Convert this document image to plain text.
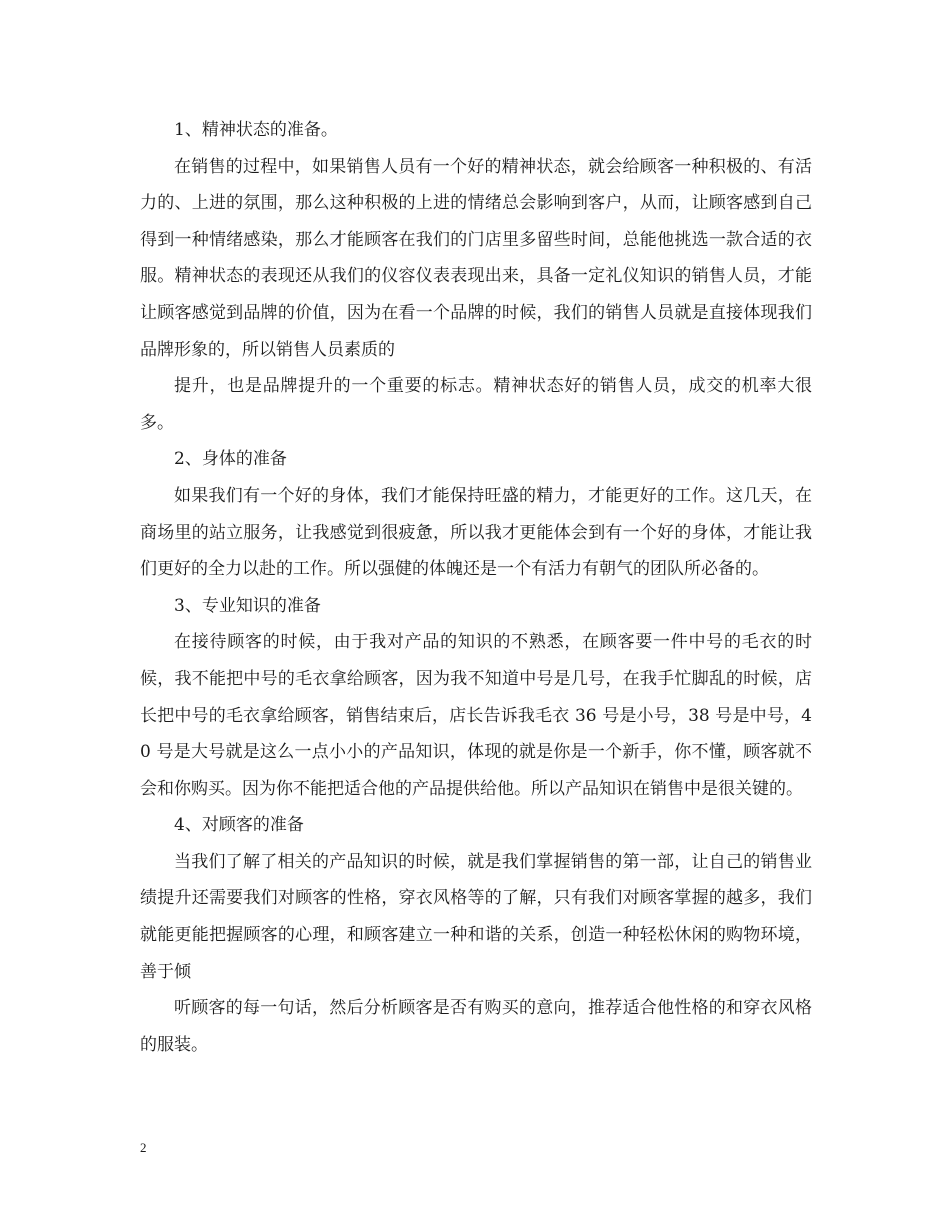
1、精神状态的准备。

在销售的过程中，如果销售人员有一个好的精神状态，就会给顾客一种积极的、有活力的、上进的氛围，那么这种积极的上进的情绪总会影响到客户，从而，让顾客感到自己得到一种情绪感染，那么才能顾客在我们的门店里多留些时间，总能他挑选一款合适的衣服。精神状态的表现还从我们的仪容仪表表现出来，具备一定礼仪知识的销售人员，才能让顾客感觉到品牌的价值，因为在看一个品牌的时候，我们的销售人员就是直接体现我们品牌形象的，所以销售人员素质的

提升，也是品牌提升的一个重要的标志。精神状态好的销售人员，成交的机率大很多。

2、身体的准备

如果我们有一个好的身体，我们才能保持旺盛的精力，才能更好的工作。这几天，在商场里的站立服务，让我感觉到很疲惫，所以我才更能体会到有一个好的身体，才能让我们更好的全力以赴的工作。所以强健的体魄还是一个有活力有朝气的团队所必备的。

3、专业知识的准备

在接待顾客的时候，由于我对产品的知识的不熟悉，在顾客要一件中号的毛衣的时候，我不能把中号的毛衣拿给顾客，因为我不知道中号是几号，在我手忙脚乱的时候，店长把中号的毛衣拿给顾客，销售结束后，店长告诉我毛衣 36 号是小号，38 号是中号，40 号是大号就是这么一点小小的产品知识，体现的就是你是一个新手，你不懂，顾客就不会和你购买。因为你不能把适合他的产品提供给他。所以产品知识在销售中是很关键的。

4、对顾客的准备

当我们了解了相关的产品知识的时候，就是我们掌握销售的第一部，让自己的销售业绩提升还需要我们对顾客的性格，穿衣风格等的了解，只有我们对顾客掌握的越多，我们就能更能把握顾客的心理，和顾客建立一种和谐的关系，创造一种轻松休闲的购物环境，善于倾

听顾客的每一句话，然后分析顾客是否有购买的意向，推荐适合他性格的和穿衣风格的服装。

2
